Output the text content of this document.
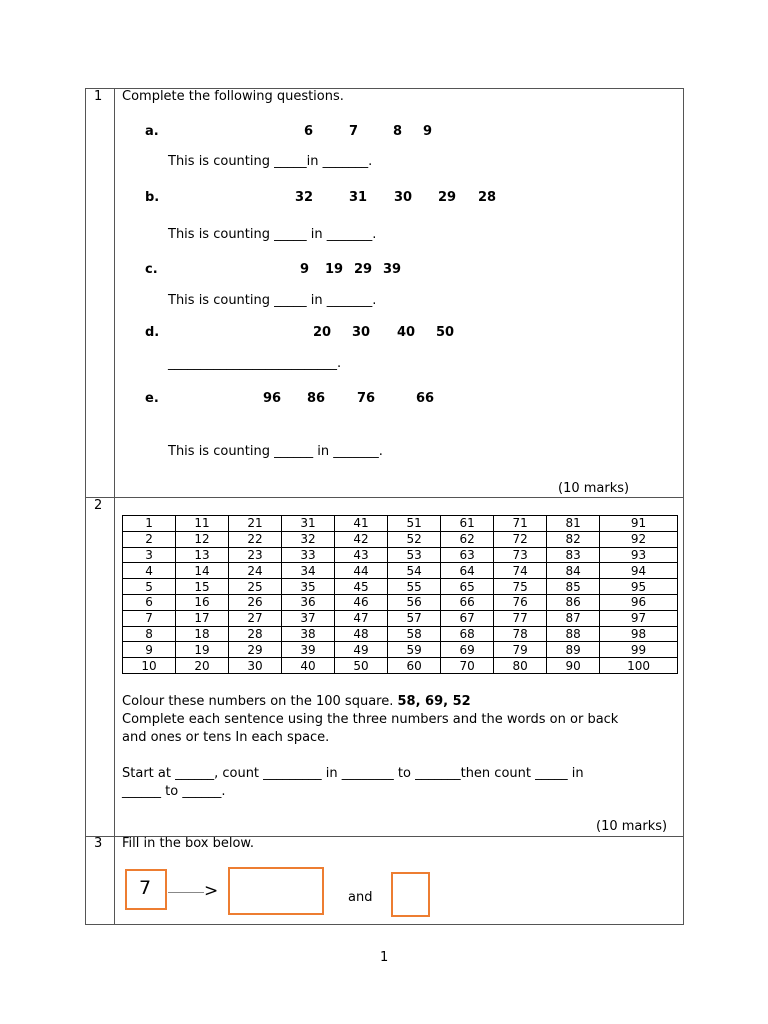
1 Complete the following questions.
a.	6	7	8 9
This is counting _____in _______.
b.	32	31 30 29 28
This is counting _____ in _______.
c.	9 19 29 39
This is counting _____ in _______.
d.	20 30 40 50
__________________________.
e.	96 86 76	66
This is counting ______ in _______.
(10 marks)
2
1	11	21	31	41	51	61	71	81	91
2	12	22	32	42	52	62	72	82	92
3	13	23	33	43	53	63	73	83	93
4	14	24	34	44	54	64	74	84	94
5	15	25	35	45	55	65	75	85	95
6	16	26	36	46	56	66	76	86	96
7	17	27	37	47	57	67	77	87	97
8	18	28	38	48	58	68	78	88	98
9	19	29	39	49	59	69	79	89	99
10	20	30	40	50	60	70	80	90	100
Colour these numbers on the 100 square. 58, 69, 52
Complete each sentence using the three numbers and the words on or back
and ones or tens In each space.
Start at ______, count _________ in ________ to _______then count _____ in
______ to ______.
(10 marks)
3 Fill in the box below.
7	>	and
1
